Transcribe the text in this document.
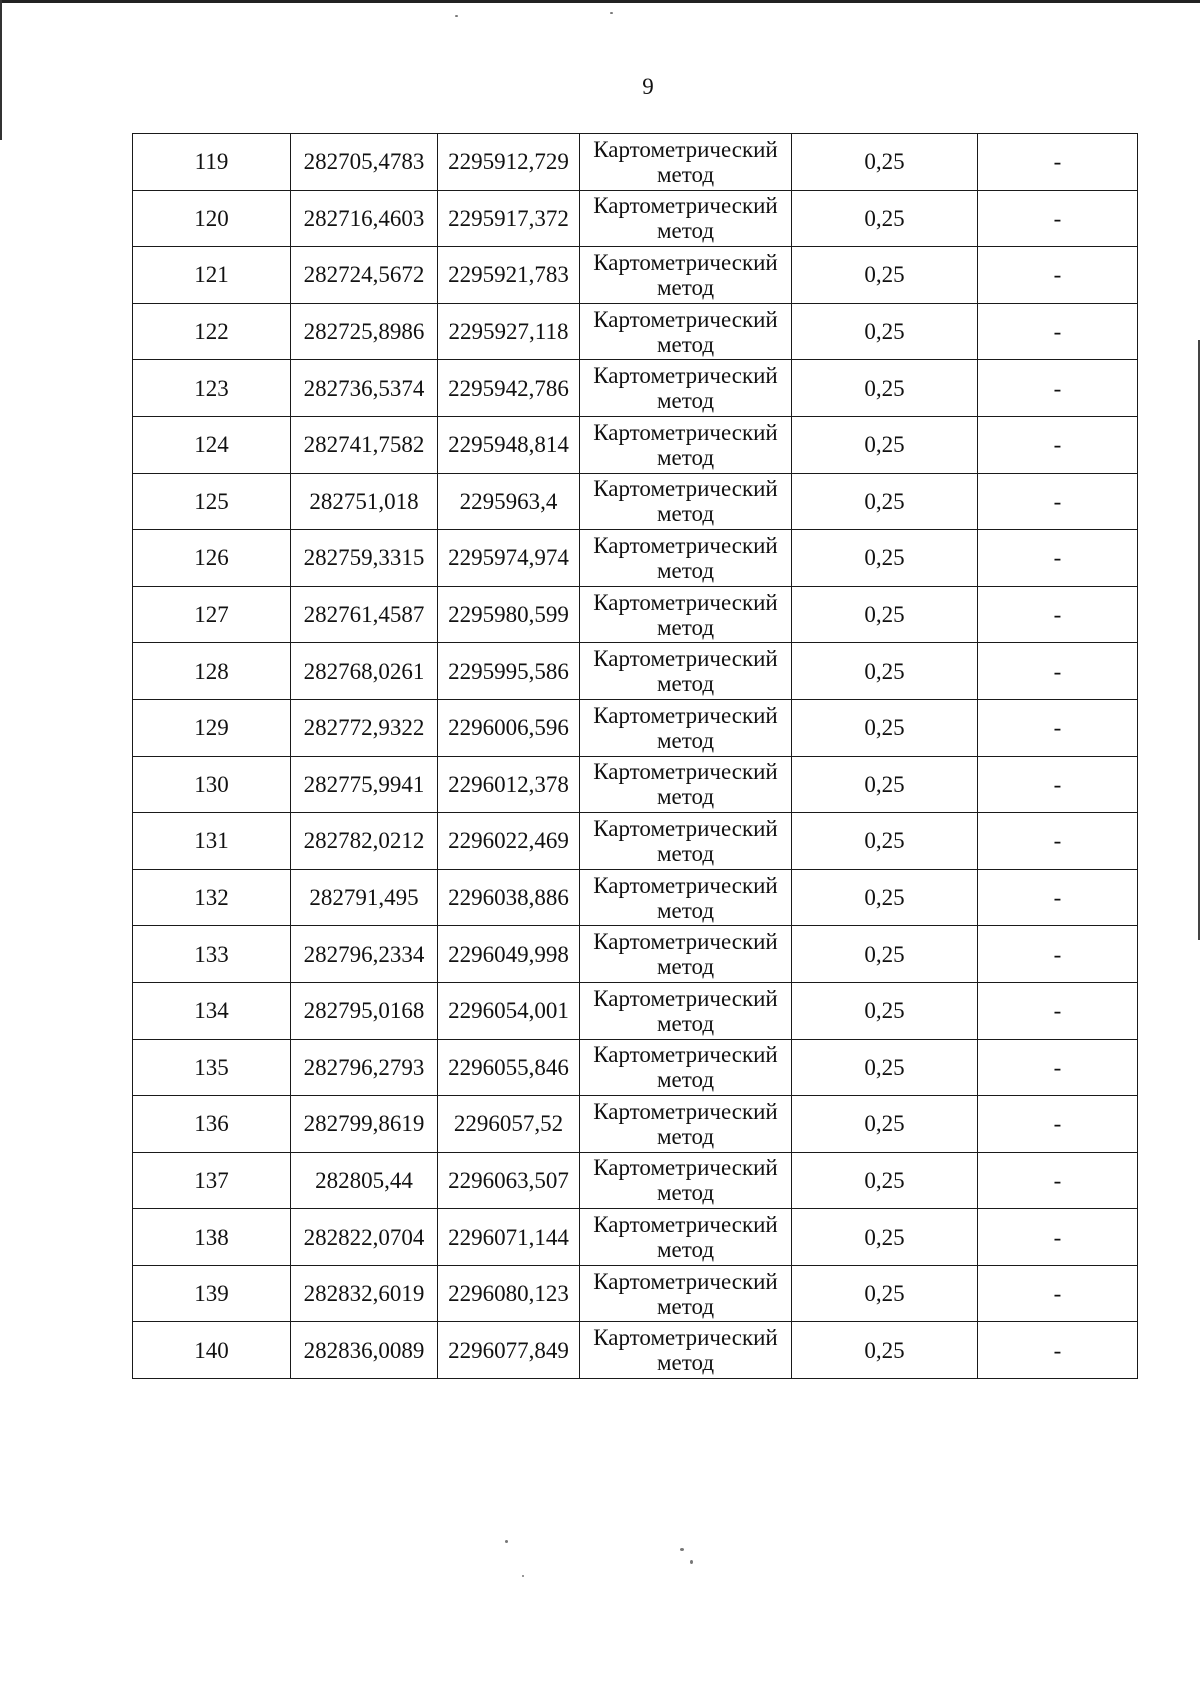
9
119	282705,4783	2295912,729	Картометрический метод	0,25	-
120	282716,4603	2295917,372	Картометрический метод	0,25	-
121	282724,5672	2295921,783	Картометрический метод	0,25	-
122	282725,8986	2295927,118	Картометрический метод	0,25	-
123	282736,5374	2295942,786	Картометрический метод	0,25	-
124	282741,7582	2295948,814	Картометрический метод	0,25	-
125	282751,018	2295963,4	Картометрический метод	0,25	-
126	282759,3315	2295974,974	Картометрический метод	0,25	-
127	282761,4587	2295980,599	Картометрический метод	0,25	-
128	282768,0261	2295995,586	Картометрический метод	0,25	-
129	282772,9322	2296006,596	Картометрический метод	0,25	-
130	282775,9941	2296012,378	Картометрический метод	0,25	-
131	282782,0212	2296022,469	Картометрический метод	0,25	-
132	282791,495	2296038,886	Картометрический метод	0,25	-
133	282796,2334	2296049,998	Картометрический метод	0,25	-
134	282795,0168	2296054,001	Картометрический метод	0,25	-
135	282796,2793	2296055,846	Картометрический метод	0,25	-
136	282799,8619	2296057,52	Картометрический метод	0,25	-
137	282805,44	2296063,507	Картометрический метод	0,25	-
138	282822,0704	2296071,144	Картометрический метод	0,25	-
139	282832,6019	2296080,123	Картометрический метод	0,25	-
140	282836,0089	2296077,849	Картометрический метод	0,25	-
